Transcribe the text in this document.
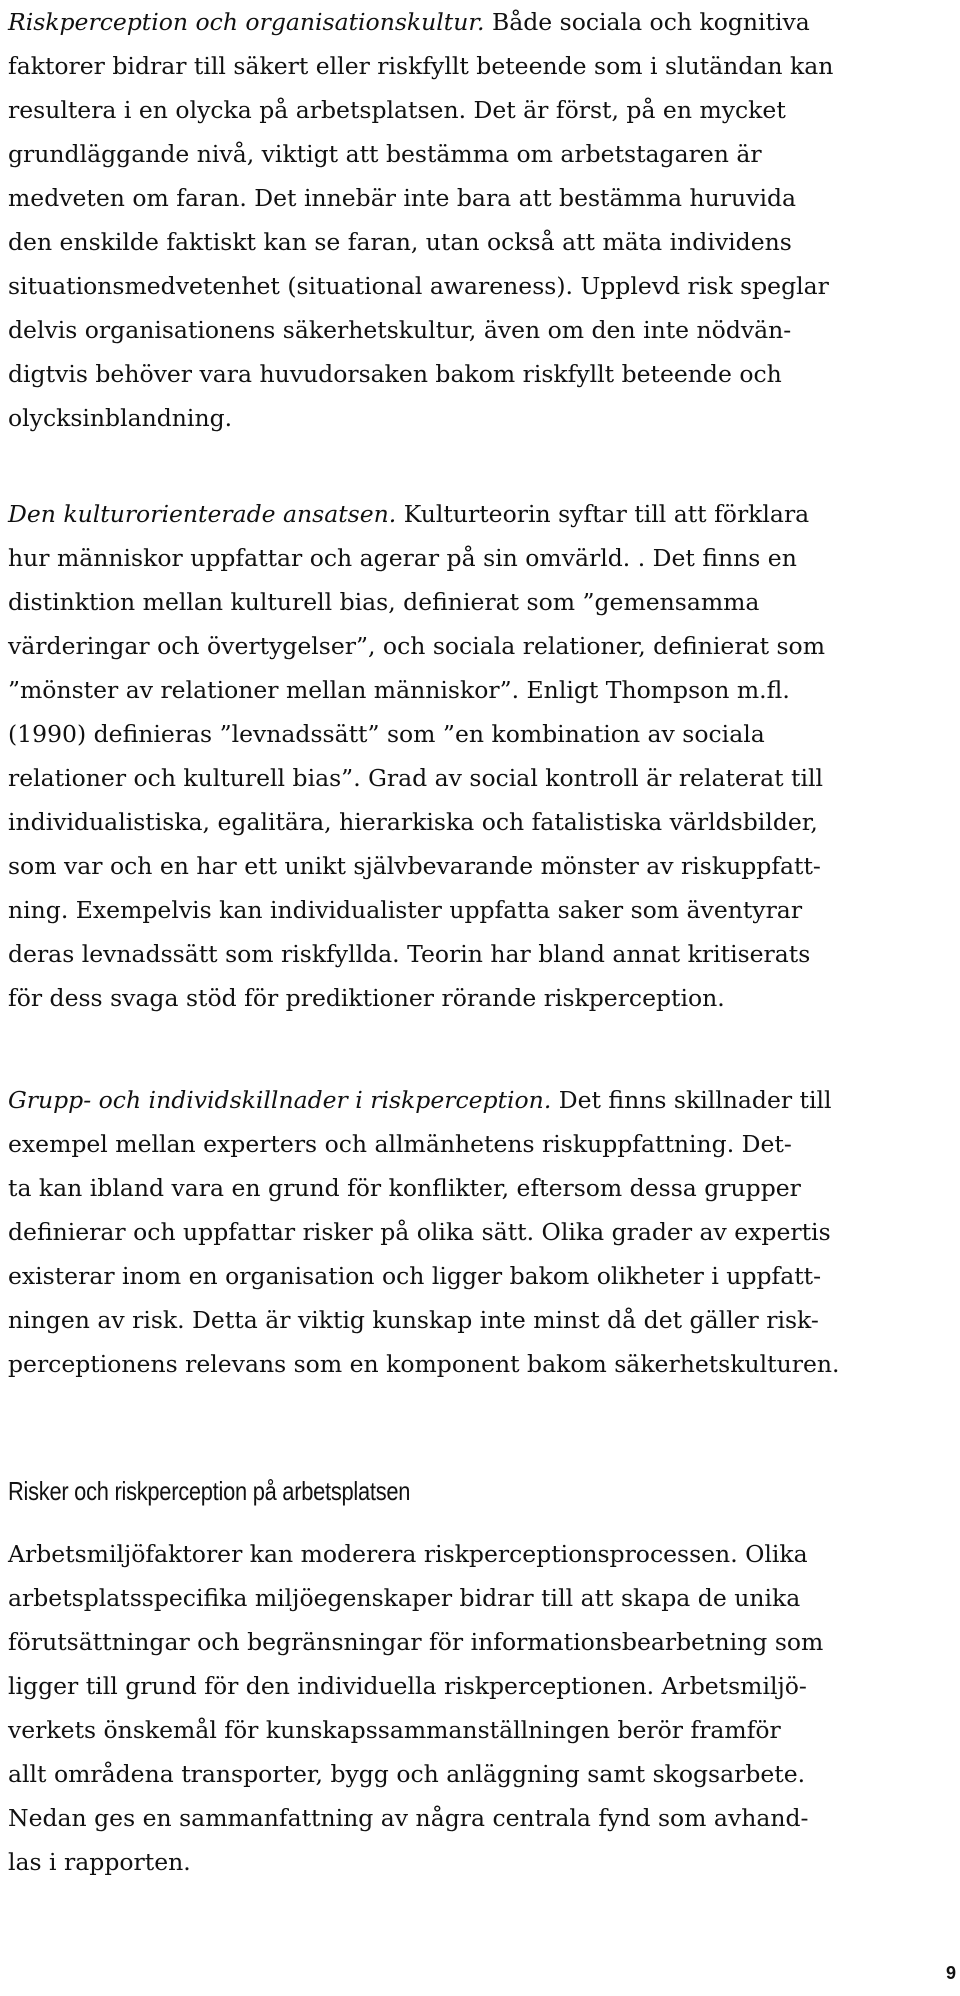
Riskperception och organisationskultur. Både sociala och kognitiva
faktorer bidrar till säkert eller riskfyllt beteende som i slutändan kan
resultera i en olycka på arbetsplatsen. Det är först, på en mycket
grundläggande nivå, viktigt att bestämma om arbetstagaren är
medveten om faran. Det innebär inte bara att bestämma huruvida
den enskilde faktiskt kan se faran, utan också att mäta individens
situationsmedvetenhet (situational awareness). Upplevd risk speglar
delvis organisationens säkerhetskultur, även om den inte nödvän-
digtvis behöver vara huvudorsaken bakom riskfyllt beteende och
olycksinblandning.
Den kulturorienterade ansatsen. Kulturteorin syftar till att förklara
hur människor uppfattar och agerar på sin omvärld. . Det finns en
distinktion mellan kulturell bias, definierat som ”gemensamma
värderingar och övertygelser”, och sociala relationer, definierat som
”mönster av relationer mellan människor”. Enligt Thompson m.fl.
(1990) definieras ”levnadssätt” som ”en kombination av sociala
relationer och kulturell bias”. Grad av social kontroll är relaterat till
individualistiska, egalitära, hierarkiska och fatalistiska världsbilder,
som var och en har ett unikt självbevarande mönster av riskuppfatt-
ning. Exempelvis kan individualister uppfatta saker som äventyrar
deras levnadssätt som riskfyllda. Teorin har bland annat kritiserats
för dess svaga stöd för prediktioner rörande riskperception.
Grupp- och individskillnader i riskperception. Det finns skillnader till
exempel mellan experters och allmänhetens riskuppfattning. Det-
ta kan ibland vara en grund för konflikter, eftersom dessa grupper
definierar och uppfattar risker på olika sätt. Olika grader av expertis
existerar inom en organisation och ligger bakom olikheter i uppfatt-
ningen av risk. Detta är viktig kunskap inte minst då det gäller risk-
perceptionens relevans som en komponent bakom säkerhetskulturen.
Risker och riskperception på arbetsplatsen
Arbetsmiljöfaktorer kan moderera riskperceptionsprocessen. Olika
arbetsplatsspecifika miljöegenskaper bidrar till att skapa de unika
förutsättningar och begränsningar för informationsbearbetning som
ligger till grund för den individuella riskperceptionen. Arbetsmiljö-
verkets önskemål för kunskapssammanställningen berör framför
allt områdena transporter, bygg och anläggning samt skogsarbete.
Nedan ges en sammanfattning av några centrala fynd som avhand-
las i rapporten.
9
